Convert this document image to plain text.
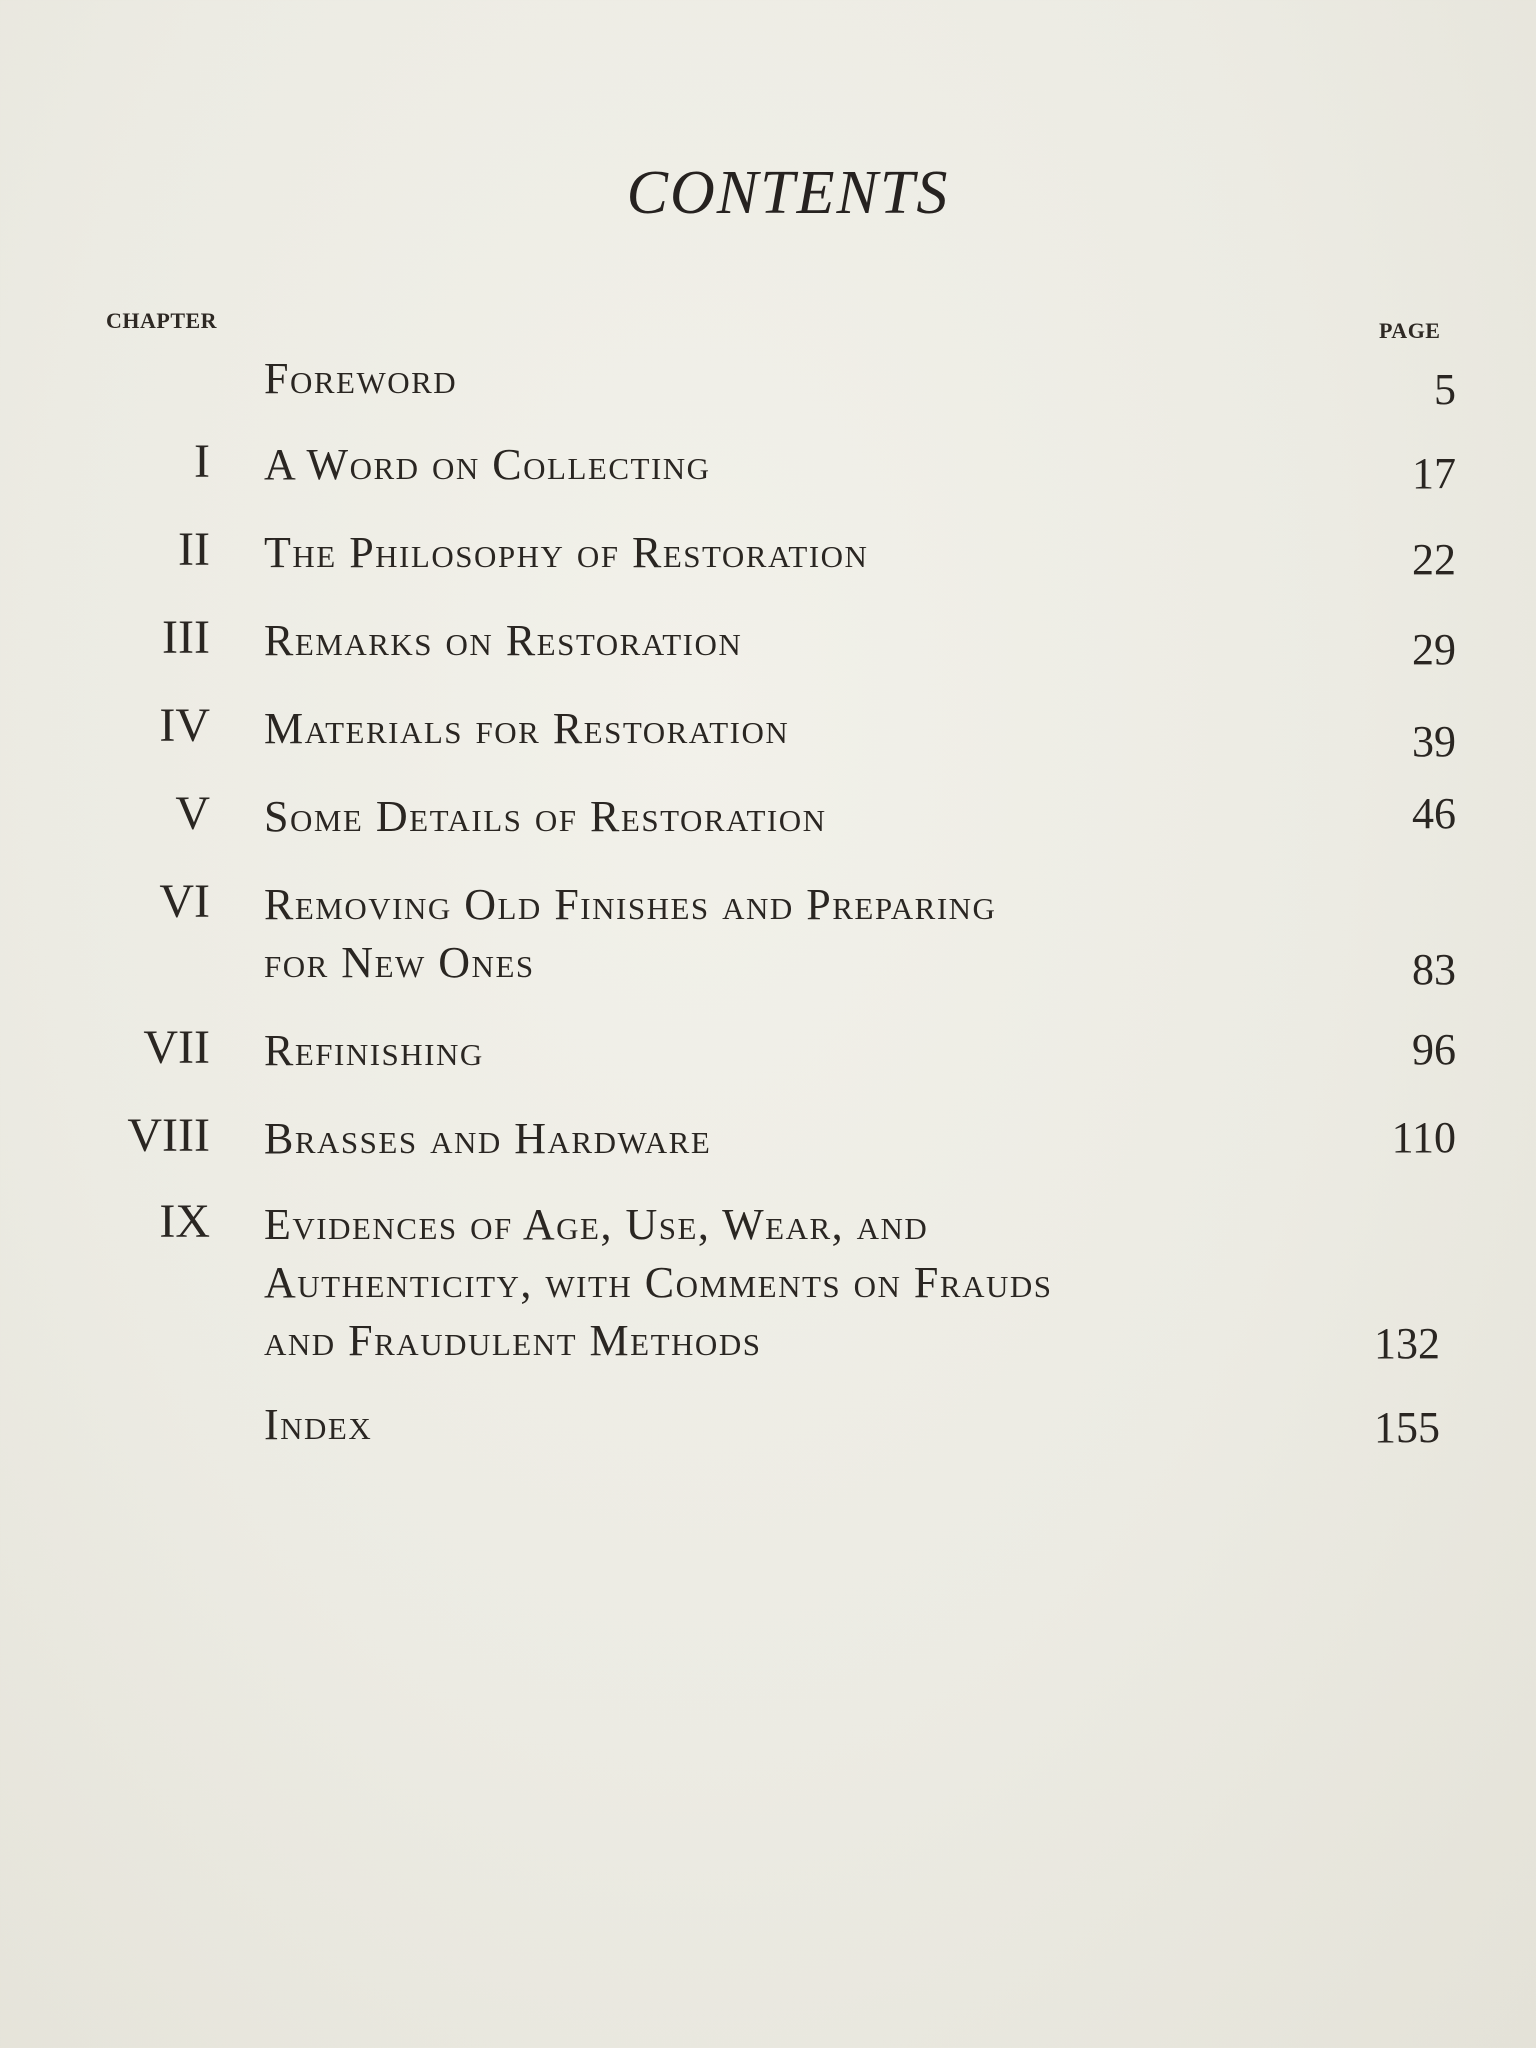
CONTENTS
CHAPTER	PAGE
Foreword	5
I A Word on Collecting	17
II The Philosophy of Restoration	22
III Remarks on Restoration	29
IV Materials for Restoration	39
V Some Details of Restoration	46
VI Removing Old Finishes and Preparing
for New Ones	83
VII Refinishing	96
VIII Brasses and Hardware	110
IX Evidences of Age, Use, Wear, and
Authenticity, with Comments on Frauds
and Fraudulent Methods	132
Index	155
